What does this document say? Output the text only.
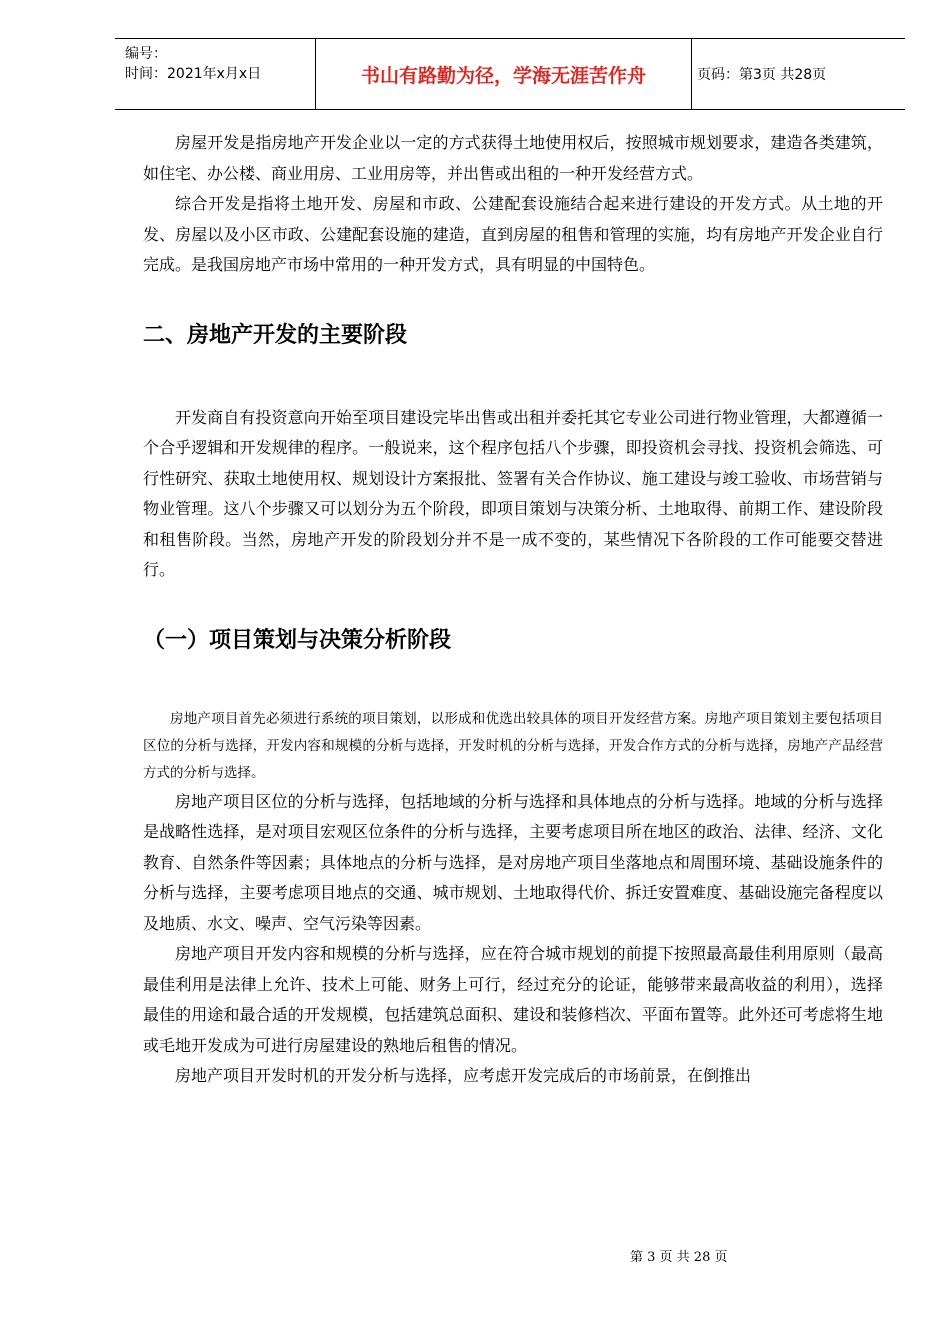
编号：
时间：2021年x月x日	书山有路勤为径，学海无涯苦作舟	页码：第3页 共28页

房屋开发是指房地产开发企业以一定的方式获得土地使用权后，按照城市规划要求，建造各类建筑，如住宅、办公楼、商业用房、工业用房等，并出售或出租的一种开发经营方式。

综合开发是指将土地开发、房屋和市政、公建配套设施结合起来进行建设的开发方式。从土地的开发、房屋以及小区市政、公建配套设施的建造，直到房屋的租售和管理的实施，均有房地产开发企业自行完成。是我国房地产市场中常用的一种开发方式，具有明显的中国特色。

二、房地产开发的主要阶段

开发商自有投资意向开始至项目建设完毕出售或出租并委托其它专业公司进行物业管理，大都遵循一个合乎逻辑和开发规律的程序。一般说来，这个程序包括八个步骤，即投资机会寻找、投资机会筛选、可行性研究、获取土地使用权、规划设计方案报批、签署有关合作协议、施工建设与竣工验收、市场营销与物业管理。这八个步骤又可以划分为五个阶段，即项目策划与决策分析、土地取得、前期工作、建设阶段和租售阶段。当然，房地产开发的阶段划分并不是一成不变的，某些情况下各阶段的工作可能要交替进行。

（一）项目策划与决策分析阶段

房地产项目首先必须进行系统的项目策划，以形成和优选出较具体的项目开发经营方案。房地产项目策划主要包括项目区位的分析与选择，开发内容和规模的分析与选择，开发时机的分析与选择，开发合作方式的分析与选择，房地产产品经营方式的分析与选择。

房地产项目区位的分析与选择，包括地域的分析与选择和具体地点的分析与选择。地域的分析与选择是战略性选择，是对项目宏观区位条件的分析与选择，主要考虑项目所在地区的政治、法律、经济、文化教育、自然条件等因素；具体地点的分析与选择，是对房地产项目坐落地点和周围环境、基础设施条件的分析与选择，主要考虑项目地点的交通、城市规划、土地取得代价、拆迁安置难度、基础设施完备程度以及地质、水文、噪声、空气污染等因素。

房地产项目开发内容和规模的分析与选择，应在符合城市规划的前提下按照最高最佳利用原则（最高最佳利用是法律上允许、技术上可能、财务上可行，经过充分的论证，能够带来最高收益的利用），选择最佳的用途和最合适的开发规模，包括建筑总面积、建设和装修档次、平面布置等。此外还可考虑将生地或毛地开发成为可进行房屋建设的熟地后租售的情况。

房地产项目开发时机的开发分析与选择，应考虑开发完成后的市场前景，在倒推出

第 3 页 共 28 页
